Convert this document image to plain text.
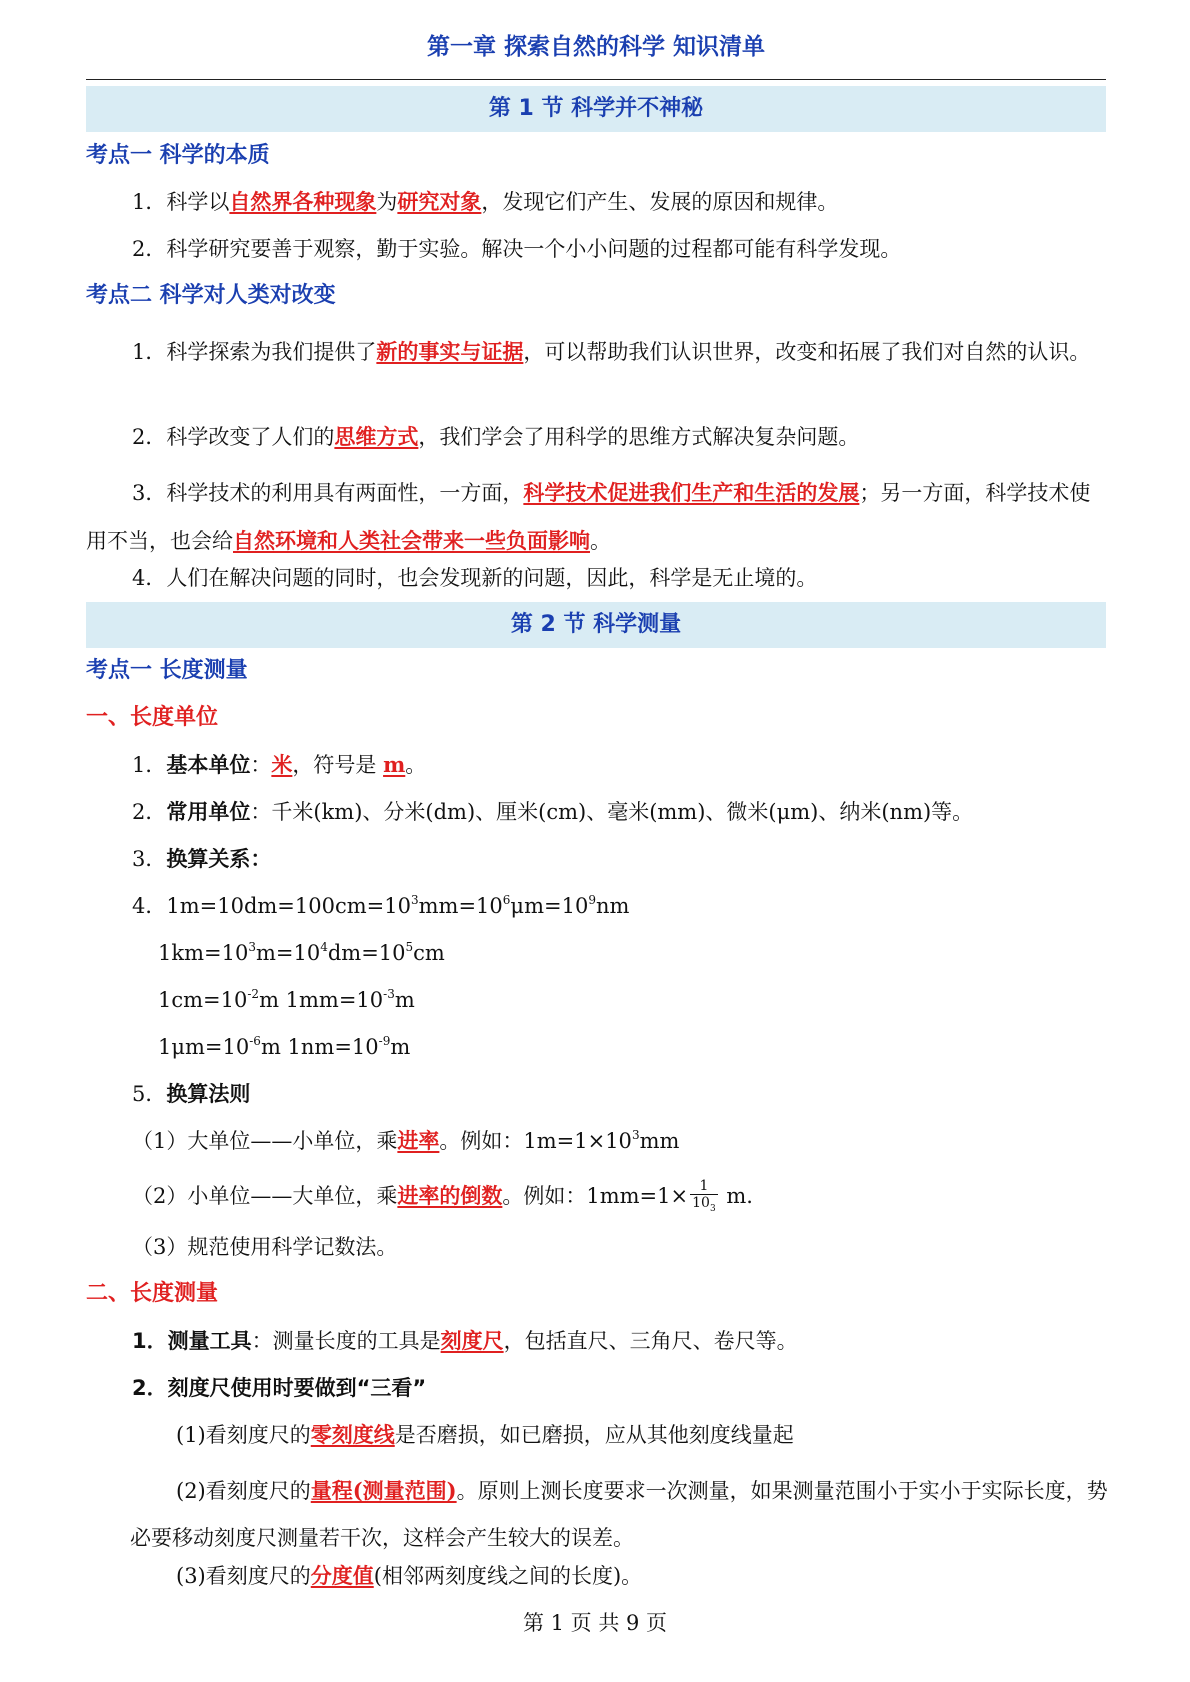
第一章 探索自然的科学 知识清单
第 1 节 科学并不神秘
考点一 科学的本质
1．科学以自然界各种现象为研究对象，发现它们产生、发展的原因和规律。
2．科学研究要善于观察，勤于实验。解决一个小小问题的过程都可能有科学发现。
考点二 科学对人类对改变
1．科学探索为我们提供了新的事实与证据，可以帮助我们认识世界，改变和拓展了我们对自然的认识。
2．科学改变了人们的思维方式，我们学会了用科学的思维方式解决复杂问题。
3．科学技术的利用具有两面性，一方面，科学技术促进我们生产和生活的发展；另一方面，科学技术使用不当，也会给自然环境和人类社会带来一些负面影响。
4．人们在解决问题的同时，也会发现新的问题，因此，科学是无止境的。
第 2 节 科学测量
考点一 长度测量
一、长度单位
1．基本单位：米，符号是 m。
2．常用单位：千米(km)、分米(dm)、厘米(cm)、毫米(mm)、微米(μm)、纳米(nm)等。
3．换算关系：
4．$1m=10dm=100cm=10^3mm=10^6\mu m=10^9nm$
$1km=10^3m=10^4dm=10^5cm$
$1cm=10^{-2}m$ $1mm=10^{-3}m$
$1\mu m=10^{-6}m$ $1nm=10^{-9}m$
5．换算法则
（1）大单位——小单位，乘进率。例如：$1m=1\times 10^3mm$
（2）小单位——大单位，乘进率的倒数。例如：$1mm=1\times \frac{1}{10_3} m$.
（3）规范使用科学记数法。
二、长度测量
1．测量工具：测量长度的工具是刻度尺，包括直尺、三角尺、卷尺等。
2．刻度尺使用时要做到“三看”
(1)看刻度尺的零刻度线是否磨损，如已磨损，应从其他刻度线量起
(2)看刻度尺的量程(测量范围)。原则上测长度要求一次测量，如果测量范围小于实小于实际长度，势必要移动刻度尺测量若干次，这样会产生较大的误差。
(3)看刻度尺的分度值(相邻两刻度线之间的长度)。
第 1 页 共 9 页
